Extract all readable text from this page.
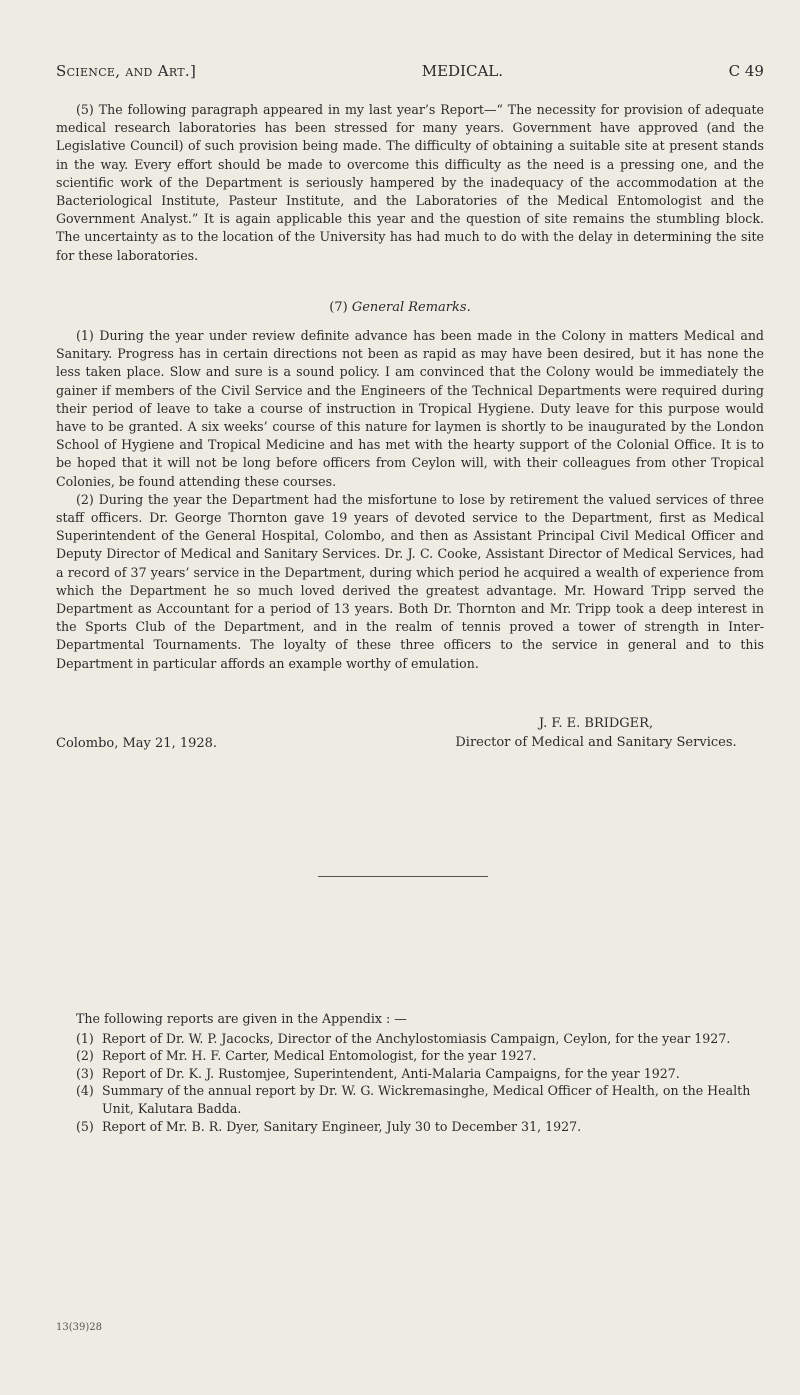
Science, and Art.]	MEDICAL.	C 49

(5) The following paragraph appeared in my last year’s Report—“ The necessity for provision of adequate medical research laboratories has been stressed for many years. Government have approved (and the Legislative Council) of such provision being made. The difficulty of obtaining a suitable site at present stands in the way. Every effort should be made to overcome this difficulty as the need is a pressing one, and the scientific work of the Department is seriously hampered by the inadequacy of the accommodation at the Bacteriological Institute, Pasteur Institute, and the Laboratories of the Medical Entomologist and the Government Analyst.” It is again applicable this year and the question of site remains the stumbling block. The uncertainty as to the location of the University has had much to do with the delay in determining the site for these laboratories.

(7) General Remarks.

(1) During the year under review definite advance has been made in the Colony in matters Medical and Sanitary. Progress has in certain directions not been as rapid as may have been desired, but it has none the less taken place. Slow and sure is a sound policy. I am convinced that the Colony would be immediately the gainer if members of the Civil Service and the Engineers of the Technical Departments were required during their period of leave to take a course of instruction in Tropical Hygiene. Duty leave for this purpose would have to be granted. A six weeks’ course of this nature for laymen is shortly to be inaugurated by the London School of Hygiene and Tropical Medicine and has met with the hearty support of the Colonial Office. It is to be hoped that it will not be long before officers from Ceylon will, with their colleagues from other Tropical Colonies, be found attending these courses.

(2) During the year the Department had the misfortune to lose by retirement the valued services of three staff officers. Dr. George Thornton gave 19 years of devoted service to the Department, first as Medical Superintendent of the General Hospital, Colombo, and then as Assistant Principal Civil Medical Officer and Deputy Director of Medical and Sanitary Services. Dr. J. C. Cooke, Assistant Director of Medical Services, had a record of 37 years’ service in the Department, during which period he acquired a wealth of experience from which the Department he so much loved derived the greatest advantage. Mr. Howard Tripp served the Department as Accountant for a period of 13 years. Both Dr. Thornton and Mr. Tripp took a deep interest in the Sports Club of the Department, and in the realm of tennis proved a tower of strength in Inter-Departmental Tournaments. The loyalty of these three officers to the service in general and to this Department in particular affords an example worthy of emulation.

Colombo, May 21, 1928.
J. F. E. BRIDGER,
Director of Medical and Sanitary Services.

The following reports are given in the Appendix : —

(1) Report of Dr. W. P. Jacocks, Director of the Anchylostomiasis Campaign, Ceylon, for the year 1927.
(2) Report of Mr. H. F. Carter, Medical Entomologist, for the year 1927.
(3) Report of Dr. K. J. Rustomjee, Superintendent, Anti-Malaria Campaigns, for the year 1927.
(4) Summary of the annual report by Dr. W. G. Wickremasinghe, Medical Officer of Health, on the Health Unit, Kalutara Badda.
(5) Report of Mr. B. R. Dyer, Sanitary Engineer, July 30 to December 31, 1927.
13(39)28
